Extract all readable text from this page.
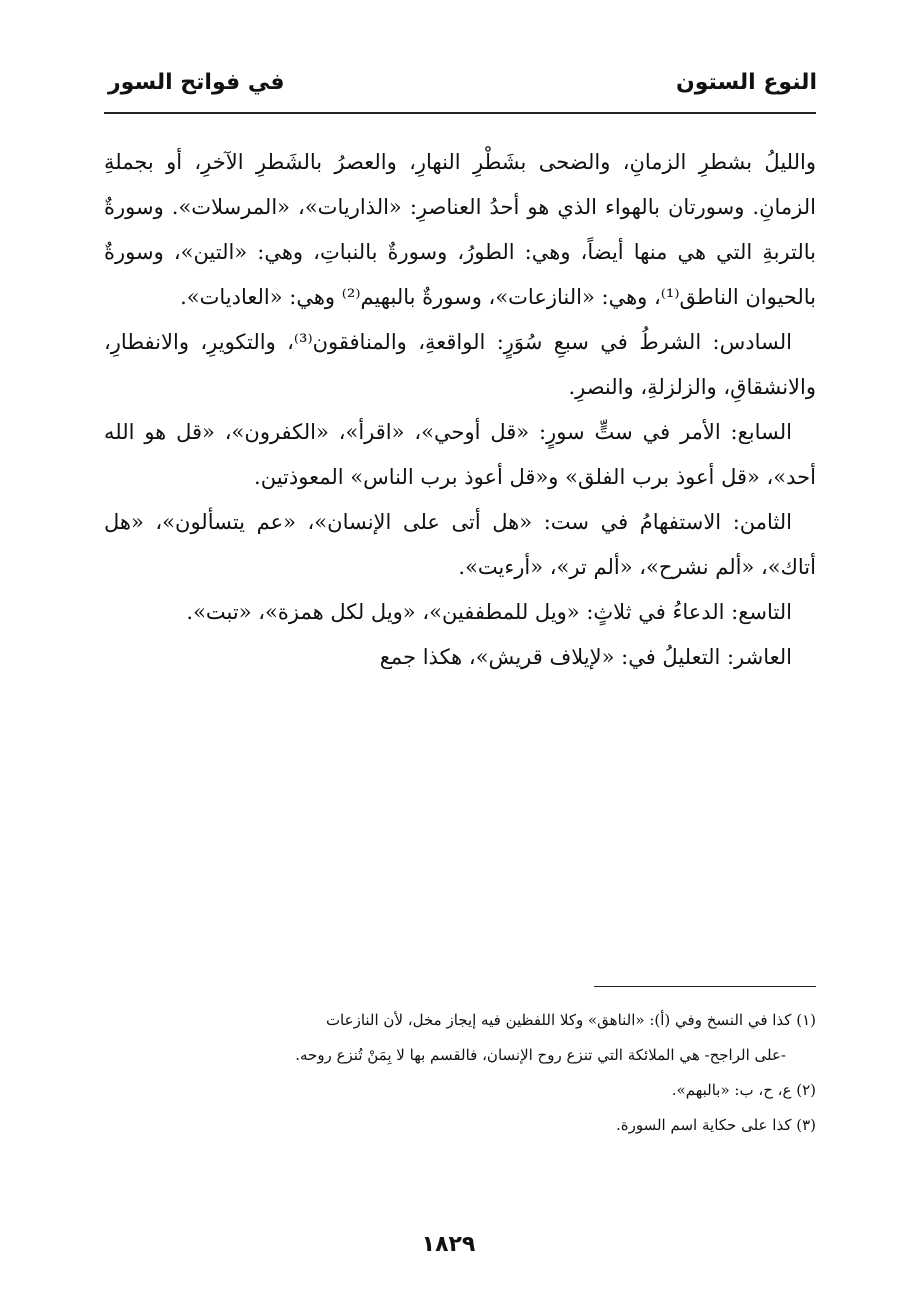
النوع الستون
في فواتح السور

والليلُ بشطرِ الزمانِ، والضحى بشَطْرِ النهارِ، والعصرُ بالشَطرِ الآخرِ، أو بجملةِ الزمانِ. وسورتان بالهواء الذي هو أحدُ العناصرِ: «الذاريات»، «المرسلات». وسورةٌ بالتربةِ التي هي منها أيضاً، وهي: الطورُ، وسورةٌ بالنباتِ، وهي: «التين»، وسورةٌ بالحيوان الناطق⁽¹⁾، وهي: «النازعات»، وسورةٌ بالبهيم⁽²⁾ وهي: «العاديات».

السادس: الشرطُ في سبعِ سُوَرٍ: الواقعةِ، والمنافقون⁽³⁾، والتكويرِ، والانفطارِ، والانشقاقِ، والزلزلةِ، والنصرِ.

السابع: الأمر في ستٍّ سورٍ: «قل أوحي»، «اقرأ»، «الكفرون»، «قل هو الله أحد»، «قل أعوذ برب الفلق» و«قل أعوذ برب الناس» المعوذتين.

الثامن: الاستفهامُ في ست: «هل أتى على الإنسان»، «عم يتسألون»، «هل أتاك»، «ألم نشرح»، «ألم تر»، «أرءيت».

التاسع: الدعاءُ في ثلاثٍ: «ويل للمطففين»، «ويل لكل همزة»، «تبت».

العاشر: التعليلُ في: «لإيلاف قريش»، هكذا جمع

(١) كذا في النسخ وفي (أ): «الناهق» وكلا اللفظين فيه إيجاز مخل، لأن النازعات

-على الراجح- هي الملائكة التي تنزع روح الإنسان، فالقسم بها لا بِمَنْ تُنزع روحه.

(٢) ع، ح، ب: «بالبهم».

(٣) كذا على حكاية اسم السورة.

١٨٢٩
